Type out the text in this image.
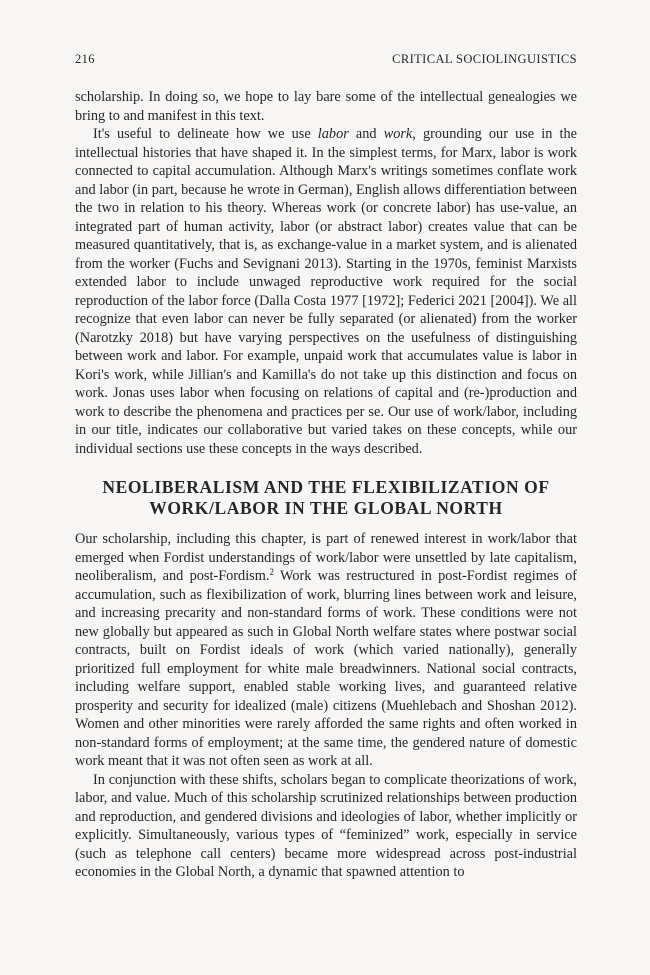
216	CRITICAL SOCIOLINGUISTICS

scholarship. In doing so, we hope to lay bare some of the intellectual genealogies we bring to and manifest in this text.

It's useful to delineate how we use labor and work, grounding our use in the intellectual histories that have shaped it. In the simplest terms, for Marx, labor is work connected to capital accumulation. Although Marx's writings sometimes conflate work and labor (in part, because he wrote in German), English allows differentiation between the two in relation to his theory. Whereas work (or concrete labor) has use-value, an integrated part of human activity, labor (or abstract labor) creates value that can be measured quantitatively, that is, as exchange-value in a market system, and is alienated from the worker (Fuchs and Sevignani 2013). Starting in the 1970s, feminist Marxists extended labor to include unwaged reproductive work required for the social reproduction of the labor force (Dalla Costa 1977 [1972]; Federici 2021 [2004]). We all recognize that even labor can never be fully separated (or alienated) from the worker (Narotzky 2018) but have varying perspectives on the usefulness of distinguishing between work and labor. For example, unpaid work that accumulates value is labor in Kori's work, while Jillian's and Kamilla's do not take up this distinction and focus on work. Jonas uses labor when focusing on relations of capital and (re-)production and work to describe the phenomena and practices per se. Our use of work/labor, including in our title, indicates our collaborative but varied takes on these concepts, while our individual sections use these concepts in the ways described.

NEOLIBERALISM AND THE FLEXIBILIZATION OF
WORK/LABOR IN THE GLOBAL NORTH

Our scholarship, including this chapter, is part of renewed interest in work/labor that emerged when Fordist understandings of work/labor were unsettled by late capitalism, neoliberalism, and post-Fordism.$^2$ Work was restructured in post-Fordist regimes of accumulation, such as flexibilization of work, blurring lines between work and leisure, and increasing precarity and non-standard forms of work. These conditions were not new globally but appeared as such in Global North welfare states where postwar social contracts, built on Fordist ideals of work (which varied nationally), generally prioritized full employment for white male breadwinners. National social contracts, including welfare support, enabled stable working lives, and guaranteed relative prosperity and security for idealized (male) citizens (Muehlebach and Shoshan 2012). Women and other minorities were rarely afforded the same rights and often worked in non-standard forms of employment; at the same time, the gendered nature of domestic work meant that it was not often seen as work at all.

In conjunction with these shifts, scholars began to complicate theorizations of work, labor, and value. Much of this scholarship scrutinized relationships between production and reproduction, and gendered divisions and ideologies of labor, whether implicitly or explicitly. Simultaneously, various types of “feminized” work, especially in service (such as telephone call centers) became more widespread across post-industrial economies in the Global North, a dynamic that spawned attention to
